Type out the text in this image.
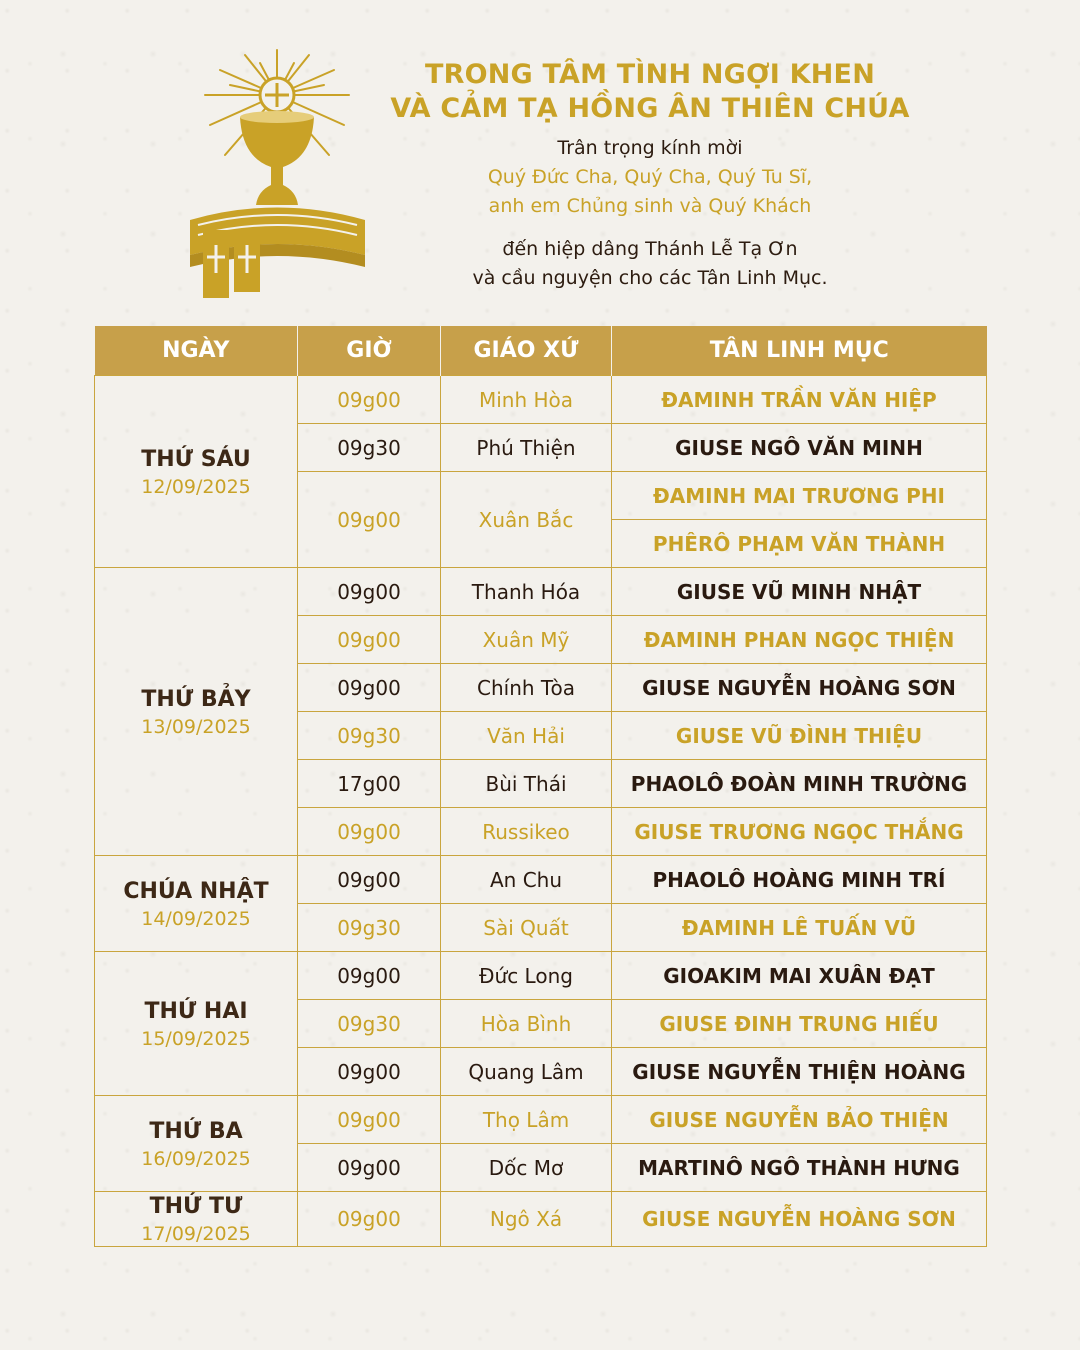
TRONG TÂM TÌNH NGỢI KHEN
VÀ CẢM TẠ HỒNG ÂN THIÊN CHÚA
Trân trọng kính mời
Quý Đức Cha, Quý Cha, Quý Tu Sĩ,
anh em Chủng sinh và Quý Khách
đến hiệp dâng Thánh Lễ Tạ Ơn
và cầu nguyện cho các Tân Linh Mục.
NGÀY	GIỜ	GIÁO XỨ	TÂN LINH MỤC

THỨ SÁU
12/09/2025	09g00	Minh Hòa	ĐAMINH TRẦN VĂN HIỆP
	09g30	Phú Thiện	GIUSE NGÔ VĂN MINH
	09g00	Xuân Bắc	ĐAMINH MAI TRƯƠNG PHI
			PHÊRÔ PHẠM VĂN THÀNH

THỨ BẢY
13/09/2025	09g00	Thanh Hóa	GIUSE VŨ MINH NHẬT
	09g00	Xuân Mỹ	ĐAMINH PHAN NGỌC THIỆN
	09g00	Chính Tòa	GIUSE NGUYỄN HOÀNG SƠN
	09g30	Văn Hải	GIUSE VŨ ĐÌNH THIỆU
	17g00	Bùi Thái	PHAOLÔ ĐOÀN MINH TRƯỜNG
	09g00	Russikeo	GIUSE TRƯƠNG NGỌC THẮNG

CHÚA NHẬT
14/09/2025	09g00	An Chu	PHAOLÔ HOÀNG MINH TRÍ
	09g30	Sài Quất	ĐAMINH LÊ TUẤN VŨ

THỨ HAI
15/09/2025	09g00	Đức Long	GIOAKIM MAI XUÂN ĐẠT
	09g30	Hòa Bình	GIUSE ĐINH TRUNG HIẾU
	09g00	Quang Lâm	GIUSE NGUYỄN THIỆN HOÀNG

THỨ BA
16/09/2025	09g00	Thọ Lâm	GIUSE NGUYỄN BẢO THIỆN
	09g00	Dốc Mơ	MARTINÔ NGÔ THÀNH HƯNG

THỨ TƯ
17/09/2025	09g00	Ngô Xá	GIUSE NGUYỄN HOÀNG SƠN
